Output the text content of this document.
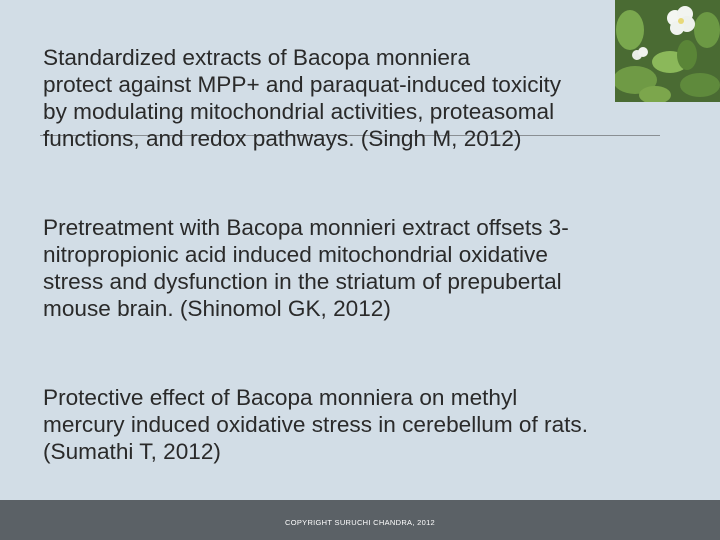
Standardized extracts of Bacopa monniera
protect against MPP+ and paraquat-induced toxicity
by modulating mitochondrial activities, proteasomal
functions, and redox pathways. (Singh M, 2012)

Pretreatment with Bacopa monnieri extract offsets 3-
nitropropionic acid induced mitochondrial oxidative
stress and dysfunction in the striatum of prepubertal
mouse brain. (Shinomol GK, 2012)

Protective effect of Bacopa monniera on methyl
mercury induced oxidative stress in cerebellum of rats.
(Sumathi T, 2012)

COPYRIGHT SURUCHI CHANDRA, 2012
